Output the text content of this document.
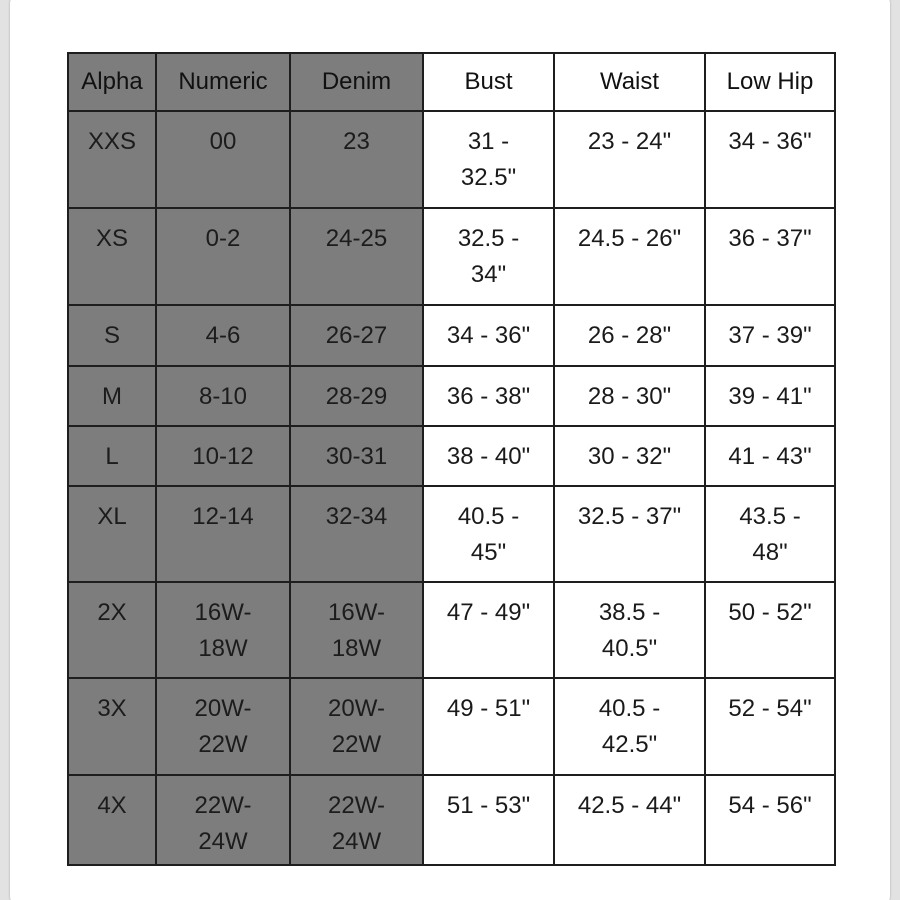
Alpha	Numeric	Denim	Bust	Waist	Low Hip

XXS	00	23	31 - 32.5"	23 - 24"	34 - 36"

XS	0-2	24-25	32.5 - 34"	24.5 - 26"	36 - 37"

S	4-6	26-27	34 - 36"	26 - 28"	37 - 39"

M	8-10	28-29	36 - 38"	28 - 30"	39 - 41"

L	10-12	30-31	38 - 40"	30 - 32"	41 - 43"

XL	12-14	32-34	40.5 - 45"	32.5 - 37"	43.5 - 48"

2X	16W-18W	16W-18W	47 - 49"	38.5 - 40.5"	50 - 52"

3X	20W-22W	20W-22W	49 - 51"	40.5 - 42.5"	52 - 54"

4X	22W-24W	22W-24W	51 - 53"	42.5 - 44"	54 - 56"
